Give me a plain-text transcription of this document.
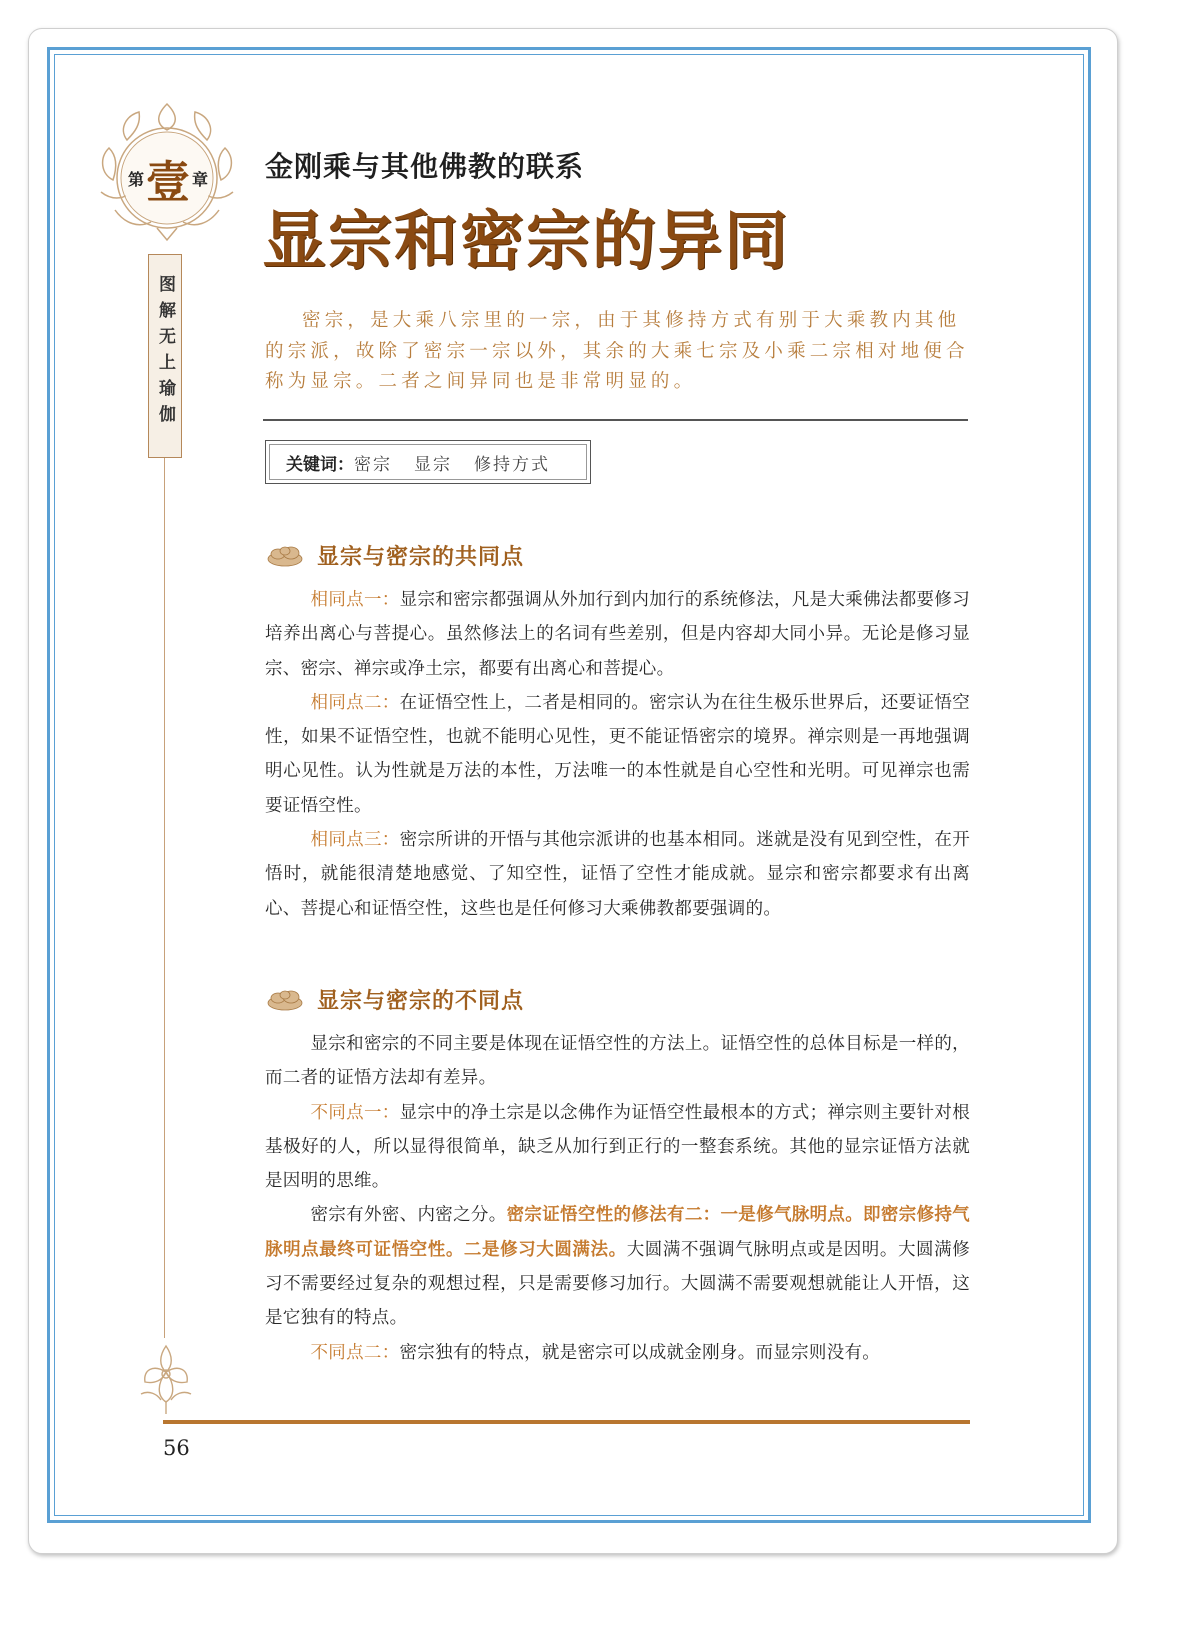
第 壹 章
图解无上瑜伽
金刚乘与其他佛教的联系
显宗和密宗的异同

密宗，是大乘八宗里的一宗，由于其修持方式有别于大乘教内其他的宗派，故除了密宗一宗以外，其余的大乘七宗及小乘二宗相对地便合称为显宗。二者之间异同也是非常明显的。

关键词： 密宗 显宗 修持方式
显宗与密宗的共同点

相同点一：显宗和密宗都强调从外加行到内加行的系统修法，凡是大乘佛法都要修习培养出离心与菩提心。虽然修法上的名词有些差别，但是内容却大同小异。无论是修习显宗、密宗、禅宗或净土宗，都要有出离心和菩提心。

相同点二：在证悟空性上，二者是相同的。密宗认为在往生极乐世界后，还要证悟空性，如果不证悟空性，也就不能明心见性，更不能证悟密宗的境界。禅宗则是一再地强调明心见性。认为性就是万法的本性，万法唯一的本性就是自心空性和光明。可见禅宗也需要证悟空性。

相同点三：密宗所讲的开悟与其他宗派讲的也基本相同。迷就是没有见到空性，在开悟时，就能很清楚地感觉、了知空性，证悟了空性才能成就。显宗和密宗都要求有出离心、菩提心和证悟空性，这些也是任何修习大乘佛教都要强调的。

显宗与密宗的不同点

显宗和密宗的不同主要是体现在证悟空性的方法上。证悟空性的总体目标是一样的，而二者的证悟方法却有差异。

不同点一：显宗中的净土宗是以念佛作为证悟空性最根本的方式；禅宗则主要针对根基极好的人，所以显得很简单，缺乏从加行到正行的一整套系统。其他的显宗证悟方法就是因明的思维。

密宗有外密、内密之分。密宗证悟空性的修法有二：一是修气脉明点。即密宗修持气脉明点最终可证悟空性。二是修习大圆满法。大圆满不强调气脉明点或是因明。大圆满修习不需要经过复杂的观想过程，只是需要修习加行。大圆满不需要观想就能让人开悟，这是它独有的特点。

不同点二：密宗独有的特点，就是密宗可以成就金刚身。而显宗则没有。

56
